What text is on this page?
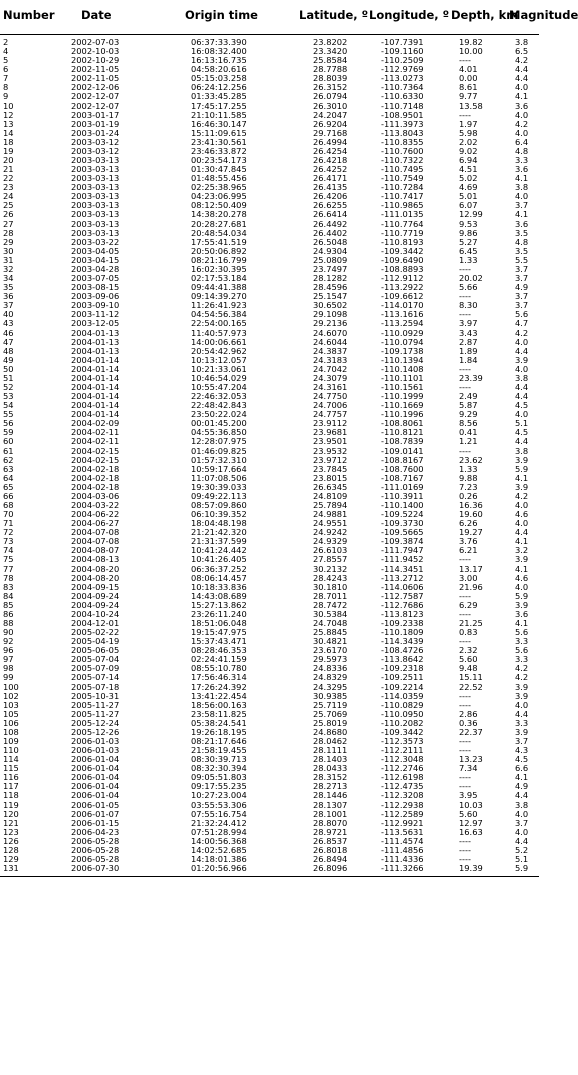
Number	Date	Origin time	Latitude, º	Longitude, º	Depth, km	Magnitude
2	2002-07-03	06:37:33.390	23.8202	-107.7391	19.82	3.8
4	2002-10-03	16:08:32.400	23.3420	-109.1160	10.00	6.5
5	2002-10-29	16:13:16.735	25.8584	-110.2509	----	4.2
6	2002-11-05	04:58:20.616	28.7788	-112.9769	4.01	4.4
7	2002-11-05	05:15:03.258	28.8039	-113.0273	0.00	4.4
8	2002-12-06	06:24:12.256	26.3152	-110.7364	8.61	4.0
9	2002-12-07	01:33:45.285	26.0794	-110.6330	9.77	4.1
10	2002-12-07	17:45:17.255	26.3010	-110.7148	13.58	3.6
12	2003-01-17	21:10:11.585	24.2047	-108.9501	----	4.0
13	2003-01-19	16:46:30.147	26.9204	-111.3973	1.97	4.2
14	2003-01-24	15:11:09.615	29.7168	-113.8043	5.98	4.0
18	2003-03-12	23:41:30.561	26.4994	-110.8355	2.02	6.4
19	2003-03-12	23:46:33.872	26.4254	-110.7600	9.02	4.8
20	2003-03-13	00:23:54.173	26.4218	-110.7322	6.94	3.3
21	2003-03-13	01:30:47.845	26.4252	-110.7495	4.51	3.6
22	2003-03-13	01:48:55.456	26.4171	-110.7549	5.02	4.1
23	2003-03-13	02:25:38.965	26.4135	-110.7284	4.69	3.8
24	2003-03-13	04:23:06.995	26.4206	-110.7417	5.01	4.0
25	2003-03-13	08:12:50.409	26.6255	-110.9865	6.07	3.7
26	2003-03-13	14:38:20.278	26.6414	-111.0135	12.99	4.1
27	2003-03-13	20:28:27.681	26.4492	-110.7764	9.53	3.6
28	2003-03-13	20:48:54.034	26.4402	-110.7719	9.86	3.5
29	2003-03-22	17:55:41.519	26.5048	-110.8193	5.27	4.8
30	2003-04-05	20:50:06.892	24.9304	-109.3442	6.45	3.5
31	2003-04-15	08:21:16.799	25.0809	-109.6490	1.33	5.5
32	2003-04-28	16:02:30.395	23.7497	-108.8893	----	3.7
34	2003-07-05	02:17:53.184	28.1282	-112.9112	20.02	3.7
35	2003-08-15	09:44:41.388	28.4596	-113.2922	5.66	4.9
36	2003-09-06	09:14:39.270	25.1547	-109.6612	----	3.7
37	2003-09-10	11:26:41.923	30.6502	-114.0170	8.30	3.7
40	2003-11-12	04:54:56.384	29.1098	-113.1616	----	5.6
43	2003-12-05	22:54:00.165	29.2136	-113.2594	3.97	4.7
46	2004-01-13	11:40:57.973	24.6070	-110.0929	3.43	4.2
47	2004-01-13	14:00:06.661	24.6044	-110.0794	2.87	4.0
48	2004-01-13	20:54:42.962	24.3837	-109.1738	1.89	4.4
49	2004-01-14	10:13:12.057	24.3183	-110.1394	1.84	3.9
50	2004-01-14	10:21:33.061	24.7042	-110.1408	----	4.0
51	2004-01-14	10:46:54.029	24.3079	-110.1101	23.39	3.8
52	2004-01-14	10:55:47.204	24.3161	-110.1561	----	4.4
53	2004-01-14	22:46:32.053	24.7750	-110.1999	2.49	4.4
54	2004-01-14	22:48:42.843	24.7006	-110.1669	5.87	4.5
55	2004-01-14	23:50:22.024	24.7757	-110.1996	9.29	4.0
56	2004-02-09	00:01:45.200	23.9112	-108.8061	8.56	5.1
59	2004-02-11	04:55:36.850	23.9681	-110.8121	0.41	4.5
60	2004-02-11	12:28:07.975	23.9501	-108.7839	1.21	4.4
61	2004-02-15	01:46:09.825	23.9532	-109.0141	----	3.8
62	2004-02-15	01:57:32.310	23.9712	-108.8167	23.62	3.9
63	2004-02-18	10:59:17.664	23.7845	-108.7600	1.33	5.9
64	2004-02-18	11:07:08.506	23.8015	-108.7167	9.88	4.1
65	2004-02-18	19:30:39.033	26.6345	-111.0169	7.23	3.9
66	2004-03-06	09:49:22.113	24.8109	-110.3911	0.26	4.2
68	2004-03-22	08:57:09.860	25.7894	-110.1400	16.36	4.0
70	2004-06-22	06:10:39.352	24.9881	-109.5224	19.60	4.6
71	2004-06-27	18:04:48.198	24.9551	-109.3730	6.26	4.0
72	2004-07-08	21:21:42.320	24.9242	-109.5665	19.27	4.4
73	2004-07-08	21:31:37.599	24.9329	-109.3874	3.76	4.1
74	2004-08-07	10:41:24.442	26.6103	-111.7947	6.21	3.2
75	2004-08-13	10:41:26.405	27.8557	-111.9452	----	3.9
77	2004-08-20	06:36:37.252	30.2132	-114.3451	13.17	4.1
78	2004-08-20	08:06:14.457	28.4243	-113.2712	3.00	4.6
83	2004-09-15	10:18:33.836	30.1810	-114.0606	21.96	4.0
84	2004-09-24	14:43:08.689	28.7011	-112.7587	----	5.9
85	2004-09-24	15:27:13.862	28.7472	-112.7686	6.29	3.9
86	2004-10-24	23:26:11.240	30.5384	-113.8123	----	3.6
88	2004-12-01	18:51:06.048	24.7048	-109.2338	21.25	4.1
90	2005-02-22	19:15:47.975	25.8845	-110.1809	0.83	5.6
92	2005-04-19	15:37:43.471	30.4821	-114.3439	----	3.3
96	2005-06-05	08:28:46.353	23.6170	-108.4726	2.32	5.6
97	2005-07-04	02:24:41.159	29.5973	-113.8642	5.60	3.3
98	2005-07-09	08:55:10.780	24.8336	-109.2318	9.48	4.2
99	2005-07-14	17:56:46.314	24.8329	-109.2511	15.11	4.2
100	2005-07-18	17:26:24.392	24.3295	-109.2214	22.52	3.9
102	2005-10-31	13:41:22.454	30.9385	-114.0359	----	3.9
103	2005-11-27	18:56:00.163	25.7119	-110.0829	----	4.0
105	2005-11-27	23:58:11.825	25.7069	-110.0950	2.86	4.4
106	2005-12-24	05:38:24.541	25.8019	-110.2082	0.36	3.3
108	2005-12-26	19:26:18.195	24.8680	-109.3442	22.37	3.9
109	2006-01-03	08:21:17.646	28.0462	-112.3573	----	3.7
110	2006-01-03	21:58:19.455	28.1111	-112.2111	----	4.3
114	2006-01-04	08:30:39.713	28.1403	-112.3048	13.23	4.5
115	2006-01-04	08:32:30.394	28.0433	-112.2746	7.34	6.6
116	2006-01-04	09:05:51.803	28.3152	-112.6198	----	4.1
117	2006-01-04	09:17:55.235	28.2713	-112.4735	----	4.9
118	2006-01-04	10:27:23.004	28.1446	-112.3208	3.95	4.4
119	2006-01-05	03:55:53.306	28.1307	-112.2938	10.03	3.8
120	2006-01-07	07:55:16.754	28.1001	-112.2589	5.60	4.0
121	2006-01-15	21:32:24.412	28.8070	-112.9921	12.97	3.7
123	2006-04-23	07:51:28.994	28.9721	-113.5631	16.63	4.0
126	2006-05-28	14:00:56.368	26.8537	-111.4574	----	4.4
128	2006-05-28	14:02:52.685	26.8018	-111.4856	----	5.2
129	2006-05-28	14:18:01.386	26.8494	-111.4336	----	5.1
131	2006-07-30	01:20:56.966	26.8096	-111.3266	19.39	5.9
